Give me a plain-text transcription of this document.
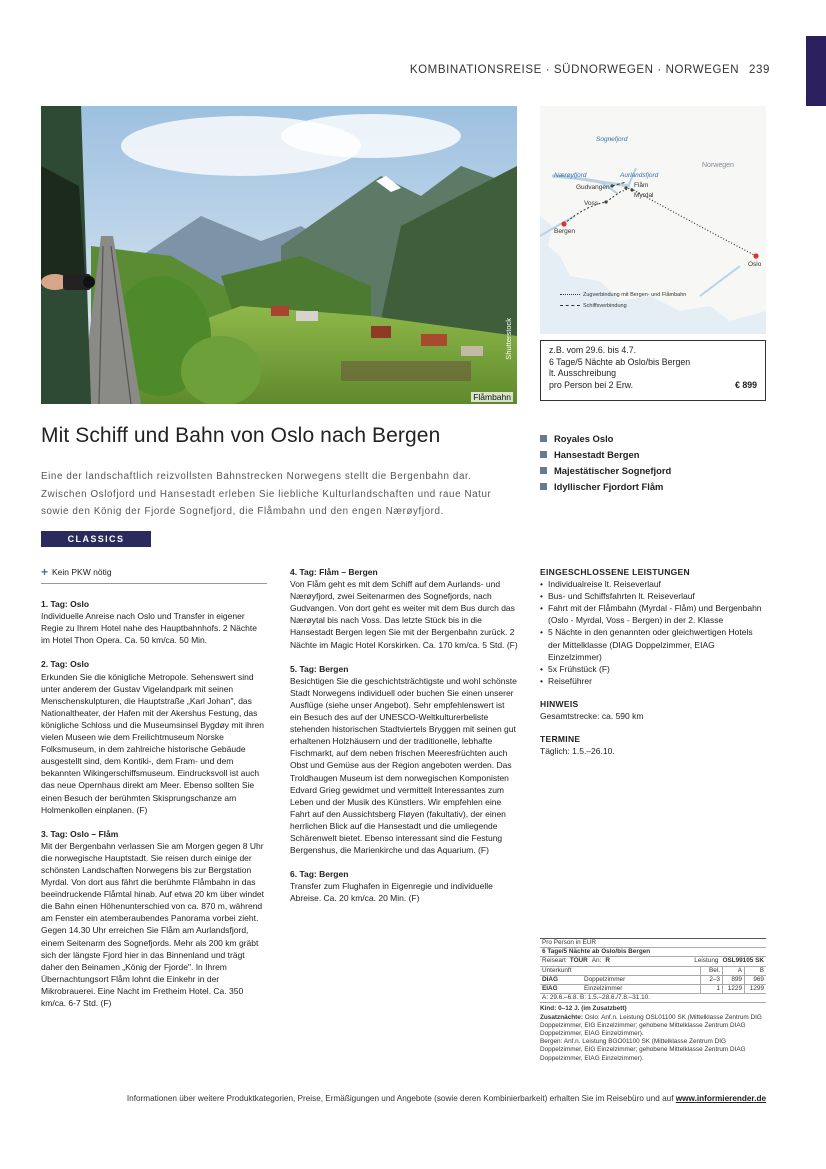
KOMBINATIONSREISE · SÜDNORWEGEN · NORWEGEN 239
Shutterstock
Flåmbahn
Sognefjord
Nærøyfjord	Aurlandsfjord
Norwegen
Gudvangen	Flåm
Voss
Myrdal
Bergen
Oslo
Zugverbindung mit Bergen- und Flåmbahn
Schiffsverbindung
z.B. vom 29.6. bis 4.7.
6 Tage/5 Nächte ab Oslo/bis Bergen
lt. Ausschreibung
pro Person bei 2 Erw.	€ 899
Mit Schiff und Bahn von Oslo nach Bergen
Eine der landschaftlich reizvollsten Bahnstrecken Norwegens stellt die Bergenbahn dar. Zwischen Oslofjord und Hansestadt erleben Sie liebliche Kulturlandschaften und raue Natur sowie den König der Fjorde Sognefjord, die Flåmbahn und den engen Nærøyfjord.
Royales Oslo
Hansestadt Bergen
Majestätischer Sognefjord
Idyllischer Fjordort Flåm
CLASSICS
+ Kein PKW nötig
1. Tag: Oslo

Individuelle Anreise nach Oslo und Transfer in eigener Regie zu Ihrem Hotel nahe des Hauptbahnhofs. 2 Nächte im Hotel Thon Opera. Ca. 50 km/ca. 50 Min.

2. Tag: Oslo

Erkunden Sie die königliche Metropole. Sehenswert sind unter anderem der Gustav Vigelandpark mit seinen Menschenskulpturen, die Hauptstraße „Karl Johan", das Nationaltheater, der Hafen mit der Akershus Festung, das königliche Schloss und die Museumsinsel Bygdøy mit ihren vielen Museen wie dem Freilichtmuseum Norske Folksmuseum, in dem zahlreiche historische Gebäude ausgestellt sind, dem Kontiki-, dem Fram- und dem bekannten Wikingerschiffsmuseum. Eindrucksvoll ist auch das neue Opernhaus direkt am Meer. Ebenso sollten Sie einen Besuch der berühmten Skisprungschanze am Holmenkollen einplanen. (F)

3. Tag: Oslo – Flåm

Mit der Bergenbahn verlassen Sie am Morgen gegen 8 Uhr die norwegische Hauptstadt. Sie reisen durch einige der schönsten Landschaften Norwegens bis zur Bergstation Myrdal. Von dort aus fährt die berühmte Flåmbahn in das beeindruckende Flåmtal hinab. Auf etwa 20 km über windet die Bahn einen Höhenunterschied von ca. 870 m, während am Fenster ein atemberaubendes Panorama vorbei zieht. Gegen 14.30 Uhr erreichen Sie Flåm am Aurlandsfjord, einem Seitenarm des Sognefjords. Mehr als 200 km gräbt sich der längste Fjord hier in das Binnenland und trägt daher den Beinamen „König der Fjorde". In Ihrem Übernachtungsort Flåm lohnt die Einkehr in der Mikrobrauerei. Eine Nacht im Fretheim Hotel. Ca. 350 km/ca. 6-7 Std. (F)

4. Tag: Flåm – Bergen

Von Flåm geht es mit dem Schiff auf dem Aurlands- und Nærøyfjord, zwei Seitenarmen des Sognefjords, nach Gudvangen. Von dort geht es weiter mit dem Bus durch das Nærøytal bis nach Voss. Das letzte Stück bis in die Hansestadt Bergen legen Sie mit der Bergenbahn zurück. 2 Nächte im Magic Hotel Korskirken. Ca. 170 km/ca. 5 Std. (F)

5. Tag: Bergen

Besichtigen Sie die geschichtsträchtigste und wohl schönste Stadt Norwegens individuell oder buchen Sie einen unserer Ausflüge (siehe unser Angebot). Sehr empfehlenswert ist ein Besuch des auf der UNESCO-Weltkulturerbeliste stehenden historischen Stadtviertels Bryggen mit seinen gut erhaltenen Holzhäusern und der traditionelle, lebhafte Fischmarkt, auf dem neben frischen Meeresfrüchten auch Obst und Gemüse aus der Region angeboten werden. Das Troldhaugen Museum ist dem norwegischen Komponisten Edvard Grieg gewidmet und vermittelt Interessantes zum Leben und der Musik des Künstlers. Wir empfehlen eine Fahrt auf den Aussichtsberg Fløyen (fakultativ), der einen herrlichen Blick auf die Hansestadt und die umliegende Schärenwelt bietet. Ebenso interessant sind die Festung Bergenshus, die Marienkirche und das Aquarium. (F)

6. Tag: Bergen

Transfer zum Flughafen in Eigenregie und individuelle Abreise. Ca. 20 km/ca. 20 Min. (F)

EINGESCHLOSSENE LEISTUNGEN
• Individualreise lt. Reiseverlauf
• Bus- und Schiffsfahrten lt. Reiseverlauf
• Fahrt mit der Flåmbahn (Myrdal - Flåm) und Bergenbahn (Oslo - Myrdal, Voss - Bergen) in der 2. Klasse
• 5 Nächte in den genannten oder gleichwertigen Hotels der Mittelklasse (DIAG Doppelzimmer, EIAG Einzelzimmer)
• 5x Frühstück (F)
• Reiseführer
HINWEIS
Gesamtstrecke: ca. 590 km
TERMINE
Täglich: 1.5.–26.10.
Pro Person in EUR
6 Tage/5 Nächte ab Oslo/bis Bergen
Reiseart TOUR An: R	Leistung OSL99105 SK
Unterkunft	Bel.	A	B
DIAG	Doppelzimmer	2–3	899	969
EIAG	Einzelzimmer	1	1229	1299
A: 29.6.–6.8. B: 1.5.–28.6./7.8.–31.10.
Kind: 0–12 J. (im Zusatzbett)
Zusatznächte: Oslo: Anf.n. Leistung OSL01100 SK (Mittelklasse Zentrum DIG Doppelzimmer, EIG Einzelzimmer; gehobene Mittelklasse Zentrum DIAG Doppelzimmer, EIAG Einzelzimmer).
Bergen: Anf.n. Leistung BGO01100 SK (Mittelklasse Zentrum DIG Doppelzimmer, EIG Einzelzimmer; gehobene Mittelklasse Zentrum DIAG Doppelzimmer, EIAG Einzelzimmer).
Informationen über weitere Produktkategorien, Preise, Ermäßigungen und Angebote (sowie deren Kombinierbarkeit) erhalten Sie im Reisebüro und auf www.informierender.de
